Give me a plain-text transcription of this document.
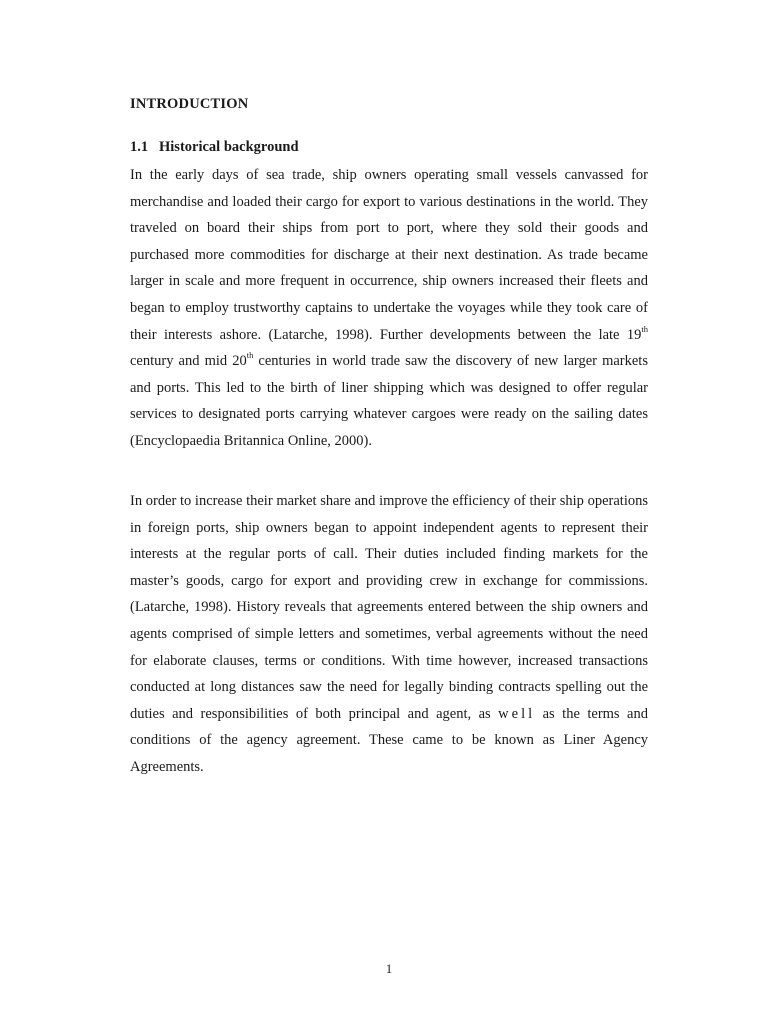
INTRODUCTION
1.1 Historical background

In the early days of sea trade, ship owners operating small vessels canvassed for merchandise and loaded their cargo for export to various destinations in the world. They traveled on board their ships from port to port, where they sold their goods and purchased more commodities for discharge at their next destination. As trade became larger in scale and more frequent in occurrence, ship owners increased their fleets and began to employ trustworthy captains to undertake the voyages while they took care of their interests ashore. (Latarche, 1998). Further developments between the late 19th century and mid 20th centuries in world trade saw the discovery of new larger markets and ports. This led to the birth of liner shipping which was designed to offer regular services to designated ports carrying whatever cargoes were ready on the sailing dates (Encyclopaedia Britannica Online, 2000).

In order to increase their market share and improve the efficiency of their ship operations in foreign ports, ship owners began to appoint independent agents to represent their interests at the regular ports of call. Their duties included finding markets for the master’s goods, cargo for export and providing crew in exchange for commissions. (Latarche, 1998). History reveals that agreements entered between the ship owners and agents comprised of simple letters and sometimes, verbal agreements without the need for elaborate clauses, terms or conditions. With time however, increased transactions conducted at long distances saw the need for legally binding contracts spelling out the duties and responsibilities of both principal and agent, as well as the terms and conditions of the agency agreement. These came to be known as Liner Agency Agreements.

1
